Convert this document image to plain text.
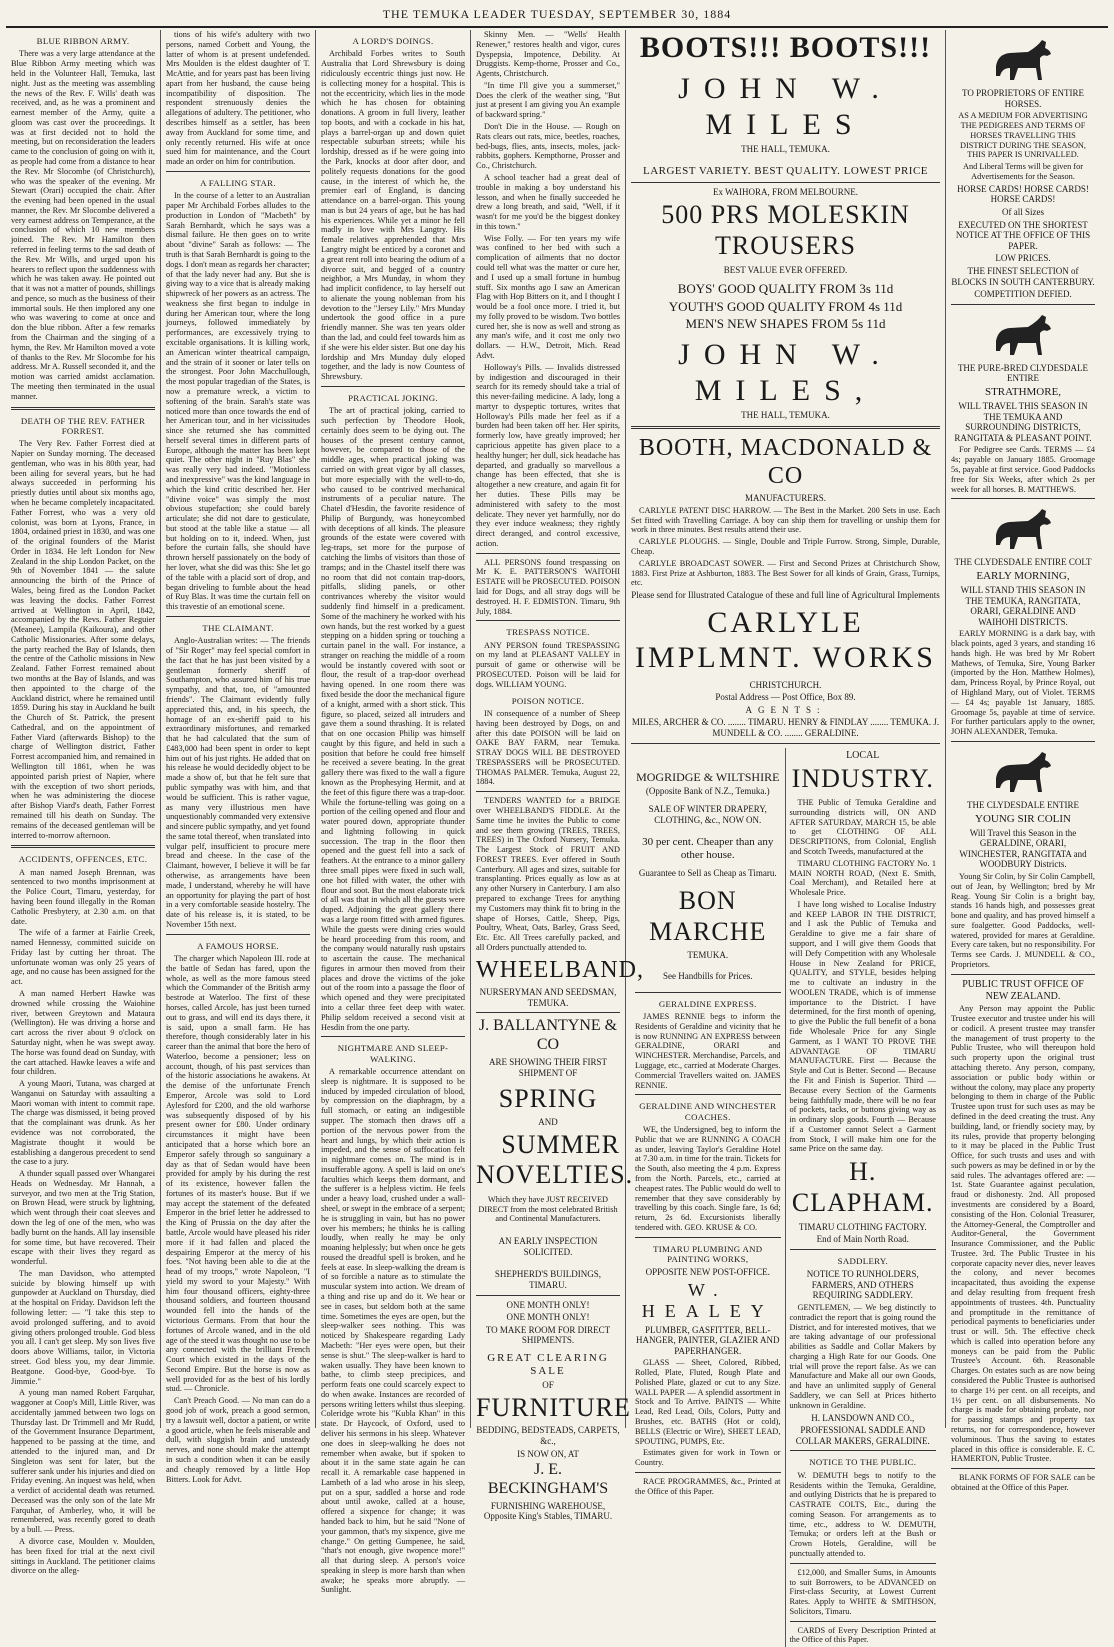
THE TEMUKA LEADER TUESDAY, SEPTEMBER 30, 1884
BLUE RIBBON ARMY.

There was a very large attendance at the Blue Ribbon Army meeting which was held in the Volunteer Hall, Temuka, last night. Just as the meeting was assembling the news of the Rev. F. Wills' death was received, and, as he was a prominent and earnest member of the Army, quite a gloom was cast over the proceedings. It was at first decided not to hold the meeting, but on reconsideration the leaders came to the conclusion of going on with it, as people had come from a distance to hear the Rev. Mr Slocombe (of Christchurch), who was the speaker of the evening. Mr Stewart (Orari) occupied the chair. After the evening had been opened in the usual manner, the Rev. Mr Slocombe delivered a very earnest address on Temperance, at the conclusion of which 10 new members joined. The Rev. Mr Hamilton then referred in feeling terms to the sad death of the Rev. Mr Wills, and urged upon his hearers to reflect upon the suddenness with which he was taken away. He pointed out that it was not a matter of pounds, shillings and pence, so much as the business of their immortal souls. He then implored any one who was wavering to come at once and don the blue ribbon. After a few remarks from the Chairman and the singing of a hymn, the Rev. Mr Hamilton moved a vote of thanks to the Rev. Mr Slocombe for his address. Mr A. Russell seconded it, and the motion was carried amidst acclamation. The meeting then terminated in the usual manner.

DEATH OF THE REV. FATHER FORREST.

The Very Rev. Father Forrest died at Napier on Sunday morning. The deceased gentleman, who was in his 80th year, had been ailing for several years, but he had always succeeded in performing his priestly duties until about six months ago, when he became completely incapacitated. Father Forrest, who was a very old colonist, was born at Lyons, France, in 1804, ordained priest in 1830, and was one of the original founders of the Marist Order in 1834. He left London for New Zealand in the ship London Packet, on the 9th of November 1841 — the salute announcing the birth of the Prince of Wales, being fired as the London Packet was leaving the docks. Father Forrest arrived at Wellington in April, 1842, accompanied by the Revs. Father Reguier (Meanee), Lampila (Kaikoura), and other Catholic Missionaries. After some delays, the party reached the Bay of Islands, then the centre of the Catholic missions in New Zealand. Father Forrest remained about two months at the Bay of Islands, and was then appointed to the charge of the Auckland district, where he remained until 1859. During his stay in Auckland he built the Church of St. Patrick, the present Cathedral, and on the appointment of Father Viard (afterwards Bishop) to the charge of Wellington district, Father Forrest accompanied him, and remained in Wellington till 1861, when he was appointed parish priest of Napier, where with the exception of two short periods, when he was administering the diocese after Bishop Viard's death, Father Forrest remained till his death on Sunday. The remains of the deceased gentleman will be interred to-morrow afternoon.

ACCIDENTS, OFFENCES, ETC.

A man named Joseph Brennan, was sentenced to two months imprisonment at the Police Court, Timaru, yesterday, for having been found illegally in the Roman Catholic Presbytery, at 2.30 a.m. on that date.

The wife of a farmer at Fairlie Creek, named Hennessy, committed suicide on Friday last by cutting her throat. The unfortunate woman was only 25 years of age, and no cause has been assigned for the act.

A man named Herbert Hawke was drowned while crossing the Waiohine river, between Greytown and Mataura (Wellington). He was driving a horse and cart across the river about 9 o'clock on Saturday night, when he was swept away. The horse was found dead on Sunday, with the cart attached. Hawke leaves a wife and four children.

A young Maori, Tutana, was charged at Wanganui on Saturday with assaulting a Maori woman with intent to commit rape. The charge was dismissed, it being proved that the complainant was drunk. As her evidence was not corroborated, the Magistrate thought it would be establishing a dangerous precedent to send the case to a jury.

A thunder squall passed over Whangarei Heads on Wednesday. Mr Hannah, a surveyor, and two men at the Trig Station, on Brown Head, were struck by lightning, which went through their coat sleeves and down the leg of one of the men, who was badly burnt on the hands. All lay insensible for some time, but have recovered. Their escape with their lives they regard as wonderful.

The man Davidson, who attempted suicide by blowing himself up with gunpowder at Auckland on Thursday, died at the hospital on Friday. Davidson left the following letter: — "I take this step to avoid prolonged suffering, and to avoid giving others prolonged trouble. God bless you all. I can't get sleep. My son lives five doors above Williams, tailor, in Victoria street. God bless you, my dear Jimmie. Beatgone. Good-bye, Good-bye. To Jimmie."

A young man named Robert Farquhar, waggoner at Coop's Mill, Little River, was accidentally jammed between two logs on Thursday last. Dr Trimmell and Mr Rudd, of the Government Insurance Department, happened to be passing at the time, and attended to the injured man, and Dr Singleton was sent for later, but the sufferer sank under his injuries and died on Friday evening. An inquest was held, when a verdict of accidental death was returned. Deceased was the only son of the late Mr Farquhar, of Amberley, who, it will be remembered, was recently gored to death by a bull. — Press.

A divorce case, Moulden v. Moulden, has been fixed for trial at the next civil sittings in Auckland. The petitioner claims divorce on the alleg-

tions of his wife's adultery with two persons, named Corbett and Young, the latter of whom is at present undefended. Mrs Moulden is the eldest daughter of T. McAttie, and for years past has been living apart from her husband, the cause being incompatibility of disposition. The respondent strenuously denies the allegations of adultery. The petitioner, who describes himself as a settler, has been away from Auckland for some time, and only recently returned. His wife at once sued him for maintenance, and the Court made an order on him for contribution.

A FALLING STAR.

In the course of a letter to an Australian paper Mr Archibald Forbes alludes to the production in London of "Macbeth" by Sarah Bernhardt, which he says was a dismal failure. He then goes on to write about "divine" Sarah as follows: — The truth is that Sarah Bernhardt is going to the dogs. I don't mean as regards her character; of that the lady never had any. But she is giving way to a vice that is already making shipwreck of her powers as an actress. The weakness she first began to indulge in during her American tour, where the long journeys, followed immediately by performances, are excessively trying to excitable organisations. It is killing work, an American winter theatrical campaign, and the strain of it sooner or later tells on the strongest. Poor John Macchullough, the most popular tragedian of the States, is now a premature wreck, a victim to softening of the brain. Sarah's state was noticed more than once towards the end of her American tour, and in her vicissitudes since she returned she has committed herself several times in different parts of Europe, although the matter has been kept quiet. The other night in "Ruy Blas" she was really very bad indeed. "Motionless and inexpressive" was the kind language in which the kind critic described her. Her "divine voice" was simply the most obvious stupefaction; she could barely articulate; she did not dare to gesticulate, but stood at the table like a statue — all but holding on to it, indeed. When, just before the curtain falls, she should have thrown herself passionately on the body of her lover, what she did was this: She let go of the table with a placid sort of drop, and began driveling to fumble about the head of Ruy Blas. It was time the curtain fell on this travestie of an emotional scene.

THE CLAIMANT.

Anglo-Australian writes: — The friends of "Sir Roger" may feel special comfort in the fact that he has just been visited by a gentleman formerly sheriff of Southampton, who assured him of his true sympathy, and that, too, of "amounted friends". The Claimant evidently fully appreciated this, and, in his speech, the homage of an ex-sheriff paid to his extraordinary misfortunes, and remarked that he had calculated that the sum of £483,000 had been spent in order to kept him out of his just rights. He added that on his release he would decidedly object to be made a show of, but that he felt sure that public sympathy was with him, and that would be sufficient. This is rather vague, as many very illustrious men have unquestionably commanded very extensive and sincere public sympathy, and yet found the same total thereof, when translated into vulgar pelf, insufficient to procure mere bread and cheese. In the case of the Claimant, however, I believe it will be far otherwise, as arrangements have been made, I understand, whereby he will have an opportunity for playing the part of host in a very comfortable seaside hostelry. The date of his release is, it is stated, to be November 15th next.

A FAMOUS HORSE.

The charger which Napoleon III. rode at the battle of Sedan has fared, upon the whole, as well as the more famous steed which the Commander of the British army bestrode at Waterloo. The first of these horses, called Arcole, has just been turned out to grass, and will end its days there, it is said, upon a small farm. He has therefore, though considerably later in his career than the animal that bore the hero of Waterloo, become a pensioner; less on account, though, of his past services than of the historic associations he awakens. At the demise of the unfortunate French Emperor, Arcole was sold to Lord Aylesford for £200, and the old warhorse was subsequently disposed of by his present owner for £80. Under ordinary circumstances it might have been anticipated that a horse which bore an Emperor safely through so sanguinary a day as that of Sedan would have been provided for amply by his during the rest of its existence, however fallen the fortunes of its master's house. But if we may accept the statement of the defeated Emperor in the brief letter he addressed to the King of Prussia on the day after the battle, Arcole would have pleased his rider more if it had fallen and placed the despairing Emperor at the mercy of his foes. "Not having been able to die at the head of my troops," wrote Napoleon, "I yield my sword to your Majesty." With him four thousand officers, eighty-three thousand soldiers, and fourteen thousand wounded fell into the hands of the victorious Germans. From that hour the fortunes of Arcole waned, and in the old age of the steed it was thought no use to be any connected with the brilliant French Court which existed in the days of the Second Empire. But the horse is now as well provided for as the best of his lordly stud. — Chronicle.

Can't Preach Good. — No man can do a good job of work, preach a good sermon, try a lawsuit well, doctor a patient, or write a good article, when he feels miserable and dull, with sluggish brain and unsteady nerves, and none should make the attempt in such a condition when it can be easily and cheaply removed by a little Hop Bitters. Look for Advt.

A LORD'S DOINGS.

Archibald Forbes writes to South Australia that Lord Shrewsbury is doing ridiculously eccentric things just now. He is collecting money for a hospital. This is not the eccentricity, which lies in the mode which he has chosen for obtaining donations. A groom in full livery, leather top boots, and with a cockade in his hat, plays a barrel-organ up and down quiet respectable suburban streets; while his lordship, dressed as if he were going into the Park, knocks at door after door, and politely requests donations for the good cause, in the interest of which he, the premier earl of England, is dancing attendance on a barrel-organ. This young man is but 24 years of age, but he has had his experiences. While yet a minor he fell madly in love with Mrs Langtry. His female relatives apprehended that Mrs Langtry might be enticed by a coronet and a great rent roll into bearing the odium of a divorce suit, and begged of a country neighbor, a Mrs Munday, in whom they had implicit confidence, to lay herself out to alienate the young nobleman from his devotion to the "Jersey Lily." Mrs Munday undertook the good office in a pure friendly manner. She was ten years older than the lad, and could feel towards him as if she were his elder sister. But one day his lordship and Mrs Munday duly eloped together, and the lady is now Countess of Shrewsbury.

PRACTICAL JOKING.

The art of practical joking, carried to such perfection by Theodore Hook, certainly does seem to be dying out. The houses of the present century cannot, however, be compared to those of the middle ages, when practical joking was carried on with great vigor by all classes, but more especially with the well-to-do, who caused to be contrived mechanical instruments of a peculiar nature. The Chatel d'Hesdin, the favorite residence of Philip of Burgundy, was honeycombed with deceptions of all kinds. The pleasure grounds of the estate were covered with leg-traps, set more for the purpose of catching the limbs of visitors than those of tramps; and in the Chastel itself there was no room that did not contain trap-doors, pitfalls, sliding panels, or other contrivances whereby the visitor would suddenly find himself in a predicament. Some of the machinery he worked with his own hands, but the rest worked by a guest stepping on a hidden spring or touching a curtain panel in the wall. For instance, a stranger on reaching the middle of a room would be instantly covered with soot or flour, the result of a trap-door overhead having opened. In one room there was fixed beside the door the mechanical figure of a knight, armed with a short stick. This figure, so placed, seized all intruders and gave them a sound thrashing. It is related that on one occasion Philip was himself caught by this figure, and held in such a position that before he could free himself he received a severe beating. In the great gallery there was fixed to the wall a figure known as the Prophesying Hermit, and at the feet of this figure there was a trap-door. While the fortune-telling was going on a portion of the ceiling opened and flour and water poured down, appropriate thunder and lightning following in quick succession. The trap in the floor then opened and the guest fell into a sack of feathers. At the entrance to a minor gallery three small pipes were fixed in such wall, one hot filled with water, the other with flour and soot. But the most elaborate trick of all was that in which all the guests were duped. Adjoining the great gallery there was a large room fitted with armed figures. While the guests were dining cries would be heard proceeding from this room, and the company would naturally rush upstairs to ascertain the cause. The mechanical figures in armour then moved from their places and drove the victims of the joke out of the room into a passage the floor of which opened and they were precipitated into a cellar three feet deep with water. Philip seldom received a second visit at Hesdin from the one party.

NIGHTMARE AND SLEEP-WALKING.

A remarkable occurrence attendant on sleep is nightmare. It is supposed to be induced by impeded circulation of blood, by compression on the diaphragm, by a full stomach, or eating an indigestible supper. The stomach then draws off a portion of the nervous power from the heart and lungs, by which their action is impeded, and the sense of suffocation felt in nightmare comes on. The mind is in insufferable agony. A spell is laid on one's faculties which keeps them dormant, and the sufferer is a helpless victim. He feels under a heavy load, crushed under a wall-sheel, or swept in the embrace of a serpent; he is struggling in vain, but has no power over his members; he thinks he is calling loudly, when really he may be only moaning helplessly; but when once he gets roused the dreadful spell is broken, and he feels at ease. In sleep-walking the dream is of so forcible a nature as to stimulate the muscular system into action. We dream of a thing and rise up and do it. We hear or see in cases, but seldom both at the same time. Sometimes the eyes are open, but the sleep-walker sees nothing. This was noticed by Shakespeare regarding Lady Macbeth: "Her eyes were open, but their sense is shut." The sleep-walker is hard to waken usually. They have been known to bathe, to climb steep precipices, and perform feats one could scarcely expect to do when awake. Instances are recorded of persons writing letters whilst thus sleeping. Coleridge wrote his "Kubla Khan" in this state. Dr Haycock, of Oxford, used to deliver his sermons in his sleep. Whatever one does in sleep-walking he does not remember when awake, but if spoken to about it in the same state again he can recall it. A remarkable case happened in Lambeth of a lad who arose in his sleep, put on a spur, saddled a horse and rode about until awoke, called at a house, offered a sixpence for change; it was handed back to him, but he said "None of your gammon, that's my sixpence, give me change." On getting Gumpenee, he said, "that's not enough, give twopence more!" all that during sleep. A person's voice speaking in sleep is more harsh than when awake; he speaks more abruptly. — Sunlight.

Skinny Men. — "Wells' Health Renewer," restores health and vigor, cures Dyspepsia, Impotence, Debility. At Druggists. Kemp-thorne, Prosser and Co., Agents, Christchurch.

"In time I'll give you a summerset," Does the clerk of the weather sing, "But just at present I am giving you An example of backward spring."

Don't Die in the House. — Rough on Rats clears out rats, mice, beetles, roaches, bed-bugs, flies, ants, insects, moles, jack-rabbits, gophers. Kempthorne, Prosser and Co., Christchurch.

A school teacher had a great deal of trouble in making a boy understand his lesson, and when he finally succeeded he drew a long breath, and said, "Well, if it wasn't for me you'd be the biggest donkey in this town."

Wise Folly. — For ten years my wife was confined to her bed with such a complication of ailments that no doctor could tell what was the matter or cure her, and I used up a small fortune in humbug stuff. Six months ago I saw an American Flag with Hop Bitters on it, and I thought I would be a fool once more. I tried it, but my folly proved to be wisdom. Two bottles cured her, she is now as well and strong as any man's wife, and it cost me only two dollars. — H.W., Detroit, Mich. Read Advt.

Holloway's Pills. — Invalids distressed by indigestion and discouraged in their search for its remedy should take a trial of this never-failing medicine. A lady, long a martyr to dyspeptic tortures, writes that Holloway's Pills made her feel as if a burden had been taken off her. Her spirits, formerly low, have greatly improved; her capricious appetite has given place to a healthy hunger; her dull, sick headache has departed, and gradually so marvellous a change has been effected, that she is altogether a new creature, and again fit for her duties. These Pills may be administered with safety to the most delicate. They never yet harmfully, nor do they ever induce weakness; they rightly direct deranged, and control excessive, action.

ALL PERSONS found trespassing on Mr K. E. PATTERSON'S WAITOHI ESTATE will be PROSECUTED. POISON laid for Dogs, and all stray dogs will be destroyed. H. F. EDMISTON. Timaru, 9th July, 1884.

TRESPASS NOTICE.

ANY PERSON found TRESPASSING on my land at PLEASANT VALLEY in pursuit of game or otherwise will be PROSECUTED. Poison will be laid for dogs. WILLIAM YOUNG.

POISON NOTICE.

IN consequence of a number of Sheep having been destroyed by Dogs, on and after this date POISON will be laid on OAKE BAY FARM, near Temuka. STRAY DOGS WILL BE DESTROYED TRESPASSERS will be PROSECUTED. THOMAS PALMER. Temuka, August 22, 1884.

TENDERS WANTED for a BRIDGE over WHEELBAND'S FIDDLE. At the Same time he invites the Public to come and see them growing (TREES, TREES, TREES) in The Oxford Nursery, Temuka. The Largest Stock of FRUIT AND FOREST TREES. Ever offered in South Canterbury. All ages and sizes, suitable for transplanting. Prices equally as low as at any other Nursery in Canterbury. I am also prepared to exchange Trees for anything my Customers may think fit to bring in the shape of Horses, Cattle, Sheep, Pigs, Poultry, Wheat, Oats, Barley, Grass Seed, Etc. Etc. All Trees carefully packed, and all Orders punctually attended to.

WHEELBAND,
NURSERYMAN AND SEEDSMAN, TEMUKA.
J. BALLANTYNE & CO
ARE SHOWING THEIR FIRST SHIPMENT OF
SPRING
AND
SUMMER
NOVELTIES.

Which they have JUST RECEIVED DIRECT from the most celebrated British and Continental Manufacturers.

AN EARLY INSPECTION SOLICITED.
SHEPHERD'S BUILDINGS, TIMARU.
ONE MONTH ONLY!
ONE MONTH ONLY!
TO MAKE ROOM FOR DIRECT SHIPMENTS.
GREAT CLEARING SALE
OF
FURNITURE
BEDDING, BEDSTEADS, CARPETS, &c.,
IS NOW ON, AT
J. E. BECKINGHAM'S
FURNISHING WAREHOUSE, Opposite King's Stables, TIMARU.
BOOTS!!! BOOTS!!!
JOHN W. MILES
THE HALL, TEMUKA.
LARGEST VARIETY. BEST QUALITY. LOWEST PRICE
Ex WAIHORA, FROM MELBOURNE.
500 PRS MOLESKIN TROUSERS
BEST VALUE EVER OFFERED.
BOYS' GOOD QUALITY FROM 3s 11d
YOUTH'S GOOD QUALITY FROM 4s 11d
MEN'S NEW SHAPES FROM 5s 11d
JOHN W. MILES,
THE HALL, TEMUKA.
BOOTH, MACDONALD & CO
MANUFACTURERS.

CARLYLE PATENT DISC HARROW. — The Best in the Market. 200 Sets in use. Each Set fitted with Travelling Carriage. A boy can ship them for travelling or unship them for work in three minutes. Best results attend their use.

CARLYLE PLOUGHS. — Single, Double and Triple Furrow. Strong, Simple, Durable, Cheap.

CARLYLE BROADCAST SOWER. — First and Second Prizes at Christchurch Show, 1883. First Prize at Ashburton, 1883. The Best Sower for all kinds of Grain, Grass, Turnips, etc.

Please send for Illustrated Catalogue of these and full line of Agricultural Implements
CARLYLE IMPLMNT. WORKS
CHRISTCHURCH.
Postal Address — Post Office, Box 89.
AGENTS:
MILES, ARCHER & CO. ........ TIMARU. HENRY & FINDLAY ........ TEMUKA. J. MUNDELL & CO. ........ GERALDINE.
MOGRIDGE & WILTSHIRE
(Opposite Bank of N.Z., Temuka.)
SALE OF WINTER DRAPERY, CLOTHING, &c., NOW ON.
30 per cent. Cheaper than any other house.
Guarantee to Sell as Cheap as Timaru.
BON MARCHE
TEMUKA.
See Handbills for Prices.
GERALDINE EXPRESS.

JAMES RENNIE begs to inform the Residents of Geraldine and vicinity that he is now RUNNING AN EXPRESS between GERALDINE, ORARI and WINCHESTER. Merchandise, Parcels, and Luggage, etc., carried at Moderate Charges. Commercial Travellers waited on. JAMES RENNIE.

GERALDINE AND WINCHESTER COACHES.

WE, the Undersigned, beg to inform the Public that we are RUNNING A COACH as under, leaving Taylor's Geraldine Hotel at 7.30 a.m. in time for the train. Tickets for the South, also meeting the 4 p.m. Express from the North. Parcels, etc., carried at cheapest rates. The Public would do well to remember that they save considerably by travelling by this coach. Single fare, 1s 6d; return, 2s 6d. Excursionists liberally tendered with. GEO. KRUSE & CO.

TIMARU PLUMBING AND PAINTING WORKS,
OPPOSITE NEW POST-OFFICE.
W. HEALEY
PLUMBER, GASFITTER, BELL-HANGER, PAINTER, GLAZIER AND PAPERHANGER.

GLASS — Sheet, Colored, Ribbed, Rolled, Plate, Fluted, Rough Plate and Polished Plate, glazed or cut to any Size. WALL PAPER — A splendid assortment in Stock and To Arrive. PAINTS — White Lead, Red Lead, Oils, Colors, Putty and Brushes, etc. BATHS (Hot or cold), BELLS (Electric or Wire), SHEET LEAD, SPOUTING, PUMPS, Etc.

Estimates given for work in Town or Country.

RACE PROGRAMMES, &c., Printed at the Office of this Paper.

LOCAL
INDUSTRY.

THE Public of Temuka Geraldine and surrounding districts will, ON AND AFTER SATURDAY, MARCH 15, be able to get CLOTHING OF ALL DESCRIPTIONS, from Colonial, English and Scotch Tweeds, manufactured at the

TIMARU CLOTHING FACTORY No. 1 MAIN NORTH ROAD, (Next E. Smith, Coal Merchant), and Retailed here at Wholesale Price.

I have long wished to Localise Industry and KEEP LABOR IN THE DISTRICT, and I ask the Public of Temuka and Geraldine to give me a fair share of support, and I will give them Goods that will Defy Competition with any Wholesale House in New Zealand for PRICE, QUALITY, and STYLE, besides helping me to cultivate an industry in the WOOLEN TRADE, which is of immense importance to the District. I have determined, for the first month of opening, to give the Public the full benefit of a bona fide Wholesale Price for any Single Garment, as I WANT TO PROVE THE ADVANTAGE OF TIMARU MANUFACTURE. First — Because the Style and Cut is Better. Second — Because the Fit and Finish is Superior. Third — Because every Section of the Garments being faithfully made, there will be no fear of pockets, tacks, or buttons giving way as in ordinary slop goods. Fourth — Because if a Customer cannot Select a Garment from Stock, I will make him one for the same Price on the same day.

H. CLAPHAM.
TIMARU CLOTHING FACTORY.
End of Main North Road.
SADDLERY.
NOTICE TO RUNHOLDERS, FARMERS, AND OTHERS REQUIRING SADDLERY.

GENTLEMEN, — We beg distinctly to contradict the report that is going round the District, and for interested motives, that we are taking advantage of our professional abilities as Saddle and Collar Makers by charging a High Rate for our Goods. One trial will prove the report false. As we can Manufacture and Make all our own Goods, and have an unlimited supply of General Saddlery, we can Sell at Prices hitherto unknown in Geraldine.

H. LANSDOWN AND CO.,
PROFESSIONAL SADDLE AND COLLAR MAKERS, GERALDINE.
NOTICE TO THE PUBLIC.

W. DEMUTH begs to notify to the Residents within the Temuka, Geraldine, and outlying Districts that he is prepared to CASTRATE COLTS, Etc., during the coming Season. For arrangements as to time, etc., address to W. DEMUTH, Temuka; or orders left at the Bush or Crown Hotels, Geraldine, will be punctually attended to.

£12,000, and Smaller Sums, in Amounts to suit Borrowers, to be ADVANCED on First-class Security, at Lowest Current Rates. Apply to WHITE & SMITHSON, Solicitors, Timaru.

CARDS of Every Description Printed at the Office of this Paper.

TO PROPRIETORS OF ENTIRE HORSES.

AS A MEDIUM FOR ADVERTISING THE PEDIGREES AND TERMS OF HORSES TRAVELLING THIS DISTRICT DURING THE SEASON, THIS PAPER IS UNRIVALLED.

And Liberal Terms will be given for Advertisements for the Season.

HORSE CARDS! HORSE CARDS! HORSE CARDS!
Of all Sizes
EXECUTED ON THE SHORTEST NOTICE AT THE OFFICE OF THIS PAPER.
LOW PRICES.
THE FINEST SELECTION of BLOCKS IN SOUTH CANTERBURY.
COMPETITION DEFIED.
THE PURE-BRED CLYDESDALE ENTIRE
STRATHMORE,
WILL TRAVEL THIS SEASON IN THE TEMUKA AND SURROUNDING DISTRICTS, RANGITATA & PLEASANT POINT.

For Pedigree see Cards. TERMS — £4 4s; payable on January 1885. Groomage 5s, payable at first service. Good Paddocks free for Six Weeks, after which 2s per week for all horses. B. MATTHEWS.

THE CLYDESDALE ENTIRE COLT
EARLY MORNING,
WILL STAND THIS SEASON IN THE TEMUKA, RANGITATA, ORARI, GERALDINE AND WAIHOHI DISTRICTS.

EARLY MORNING is a dark bay, with black points, aged 3 years, and standing 16 hands high. He was bred by Mr Robert Mathews, of Temuka, Sire, Young Barker (imported by the Hon. Matthew Holmes), dam, Princess Royal, by Prince Royal, out of Highland Mary, out of Violet. TERMS — £4 4s; payable 1st January, 1885. Groomage 5s, payable at time of service. For further particulars apply to the owner, JOHN ALEXANDER, Temuka.

THE CLYDESDALE ENTIRE
YOUNG SIR COLIN
Will Travel this Season in the GERALDINE, ORARI, WINCHESTER, RANGITATA and WOODBURY Districts.

Young Sir Colin, by Sir Colin Campbell, out of Jean, by Wellington; bred by Mr Reag. Young Sir Colin is a bright bay, stands 16 hands high, and possesses great bone and quality, and has proved himself a sure foalgetter. Good Paddocks, well-watered, provided for mares at Geraldine. Every care taken, but no responsibility. For Terms see Cards. J. MUNDELL & CO., Proprietors.

PUBLIC TRUST OFFICE OF NEW ZEALAND.

Any Person may appoint the Public Trustee executor and trustee under his will or codicil. A present trustee may transfer the management of trust property to the Public Trustee, who will thereupon hold such property upon the original trust attaching thereto. Any person, company, association or public body within or without the colony, may place any property belonging to them in charge of the Public Trustee upon trust for such uses as may be defined in the deed creating the trust. Any building, land, or friendly society may, by its rules, provide that property belonging to it may be placed in the Public Trust Office, for such trusts and uses and with such powers as may be defined in or by the said rules. The advantages offered are: — 1st. State Guarantee against peculation, fraud or dishonesty. 2nd. All proposed investments are considered by a Board, consisting of the Hon. Colonial Treasurer, the Attorney-General, the Comptroller and Auditor-General, the Government Insurance Commissioner, and the Public Trustee. 3rd. The Public Trustee in his corporate capacity never dies, never leaves the colony, and never becomes incapacitated, thus avoiding the expense and delay resulting from frequent fresh appointments of trustees. 4th. Punctuality and promptitude in the remittance of periodical payments to beneficiaries under trust or will. 5th. The effective check which is called into operation before any moneys can be paid from the Public Trustee's Account. 6th. Reasonable Charges. On estates such as are now being considered the Public Trustee is authorised to charge 1½ per cent. on all receipts, and 1½ per cent. on all disbursements. No charge is made for obtaining probate, nor for passing stamps and property tax returns, nor for correspondence, however voluminous. Thus the saving to estates placed in this office is considerable. E. C. HAMERTON, Public Trustee.

BLANK FORMS OF FOR SALE can be obtained at the Office of this Paper.
